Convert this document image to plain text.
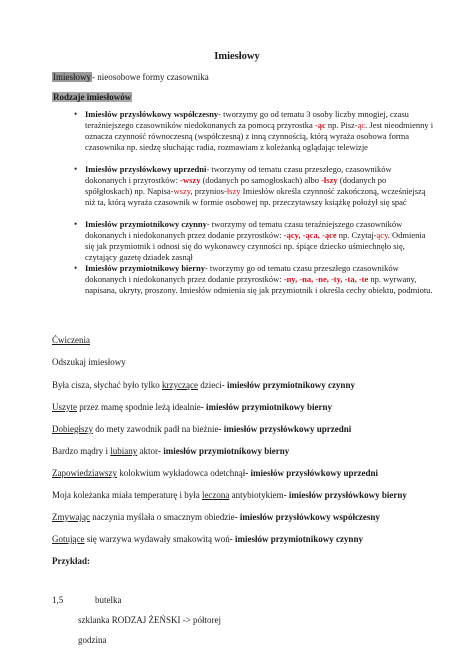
Imiesłowy
Imiesłowy- nieosobowe formy czasownika
Rodzaje imiesłowów
• Imiesłów przysłówkowy współczesny- tworzymy go od tematu 3 osoby liczby mnogiej, czasu teraźniejszego czasowników niedokonanych za pomocą przyrostka -ąc np. Pisz-ąc. Jest nieodmienny i oznacza czynność równoczesną (współczesną) z inną czynnością, którą wyraża osobowa forma czasownika np. siedzę słuchając radia, rozmawiam z koleżanką oglądając telewizje
• Imiesłów przysłówkowy uprzedni- tworzymy od tematu czasu przeszłego, czasowników dokonanych i przyrostków: -wszy (dodanych po samogłoskach) albo -łszy (dodanych po spółgłoskach) np. Napisa-wszy, przynios-łszy Imiesłów określa czynność zakończoną, wcześniejszą niż ta, którą wyraża czasownik w formie osobowej np. przeczytawszy książkę położył się spać
• Imiesłów przymiotnikowy czynny- tworzymy od tematu czasu teraźniejszego czasowników dokonanych i niedokonanych przez dodanie przyrostków: -ący, -ąca, -ące np. Czytaj-ący. Odmienia się jak przymiotnik i odnosi się do wykonawcy czynności np. śpiące dziecko uśmiechnęło się, czytający gazetę dziadek zasnął
• Imiesłów przymiotnikowy bierny- tworzymy go od tematu czasu przeszłego czasowników dokonanych i niedokonanych przez dodanie przyrostków: -ny, -na, -ne, -ty, -ta, -te np. wyrwany, napisana, ukryty, proszony. Imiesłów odmienia się jak przymiotnik i określa cechy obiektu, podmiotu.
Ćwiczenia
Odszukaj imiesłowy
Była cisza, słychać było tylko krzyczące dzieci- imiesłów przymiotnikowy czynny
Uszyte przez mamę spodnie leżą idealnie- imiesłów przymiotnikowy bierny
Dobiegłszy do mety zawodnik padł na bieżnie- imiesłów przysłówkowy uprzedni
Bardzo mądry i lubiany aktor- imiesłów przymiotnikowy bierny
Zapowiedziawszy kolokwium wykładowca odetchnął- imiesłów przysłówkowy uprzedni
Moja koleżanka miała temperaturę i była leczona antybiotykiem- imiesłów przysłówkowy bierny
Zmywając naczynia myślała o smacznym obiedzie- imiesłów przysłówkowy współczesny
Gotujące się warzywa wydawały smakowitą woń- imiesłów przymiotnikowy czynny
Przykład:
1,5	butelka
szklanka RODZAJ ŻEŃSKI -> półtorej
godzina
